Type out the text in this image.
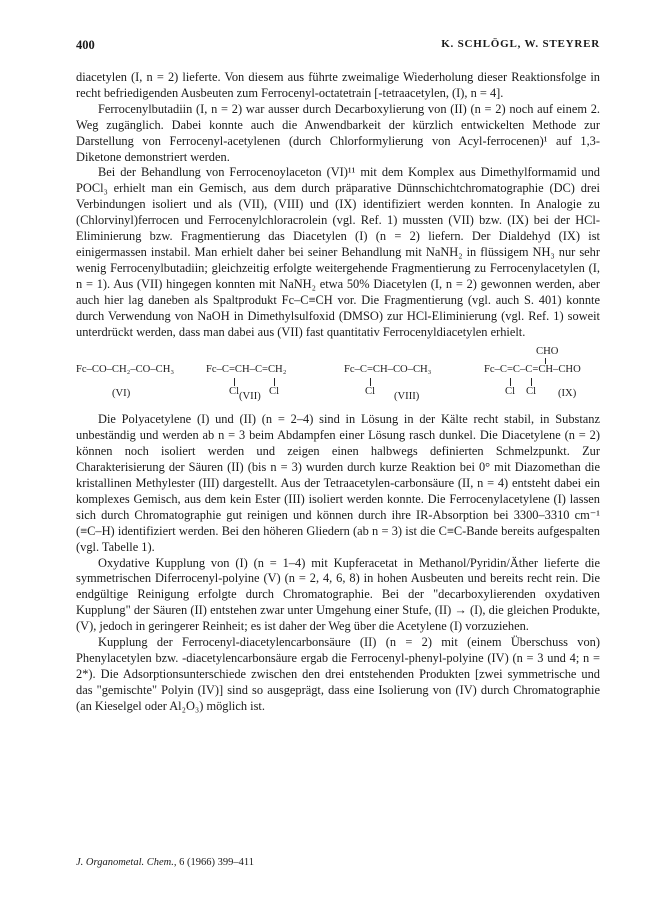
400	K. SCHLÖGL, W. STEYRER

diacetylen (I, n = 2) lieferte. Von diesem aus führte zweimalige Wiederholung dieser Reaktionsfolge in recht befriedigenden Ausbeuten zum Ferrocenyl-octatetrain [-tetraacetylen, (I), n = 4].

Ferrocenylbutadiin (I, n = 2) war ausser durch Decarboxylierung von (II) (n = 2) noch auf einem 2. Weg zugänglich. Dabei konnte auch die Anwendbarkeit der kürzlich entwickelten Methode zur Darstellung von Ferrocenyl-acetylenen (durch Chlorformylierung von Acyl-ferrocenen)¹ auf 1,3-Diketone demonstriert werden.

Bei der Behandlung von Ferrocenoylaceton (VI)¹¹ mit dem Komplex aus Dimethylformamid und POCl₃ erhielt man ein Gemisch, aus dem durch präparative Dünnschichtchromatographie (DC) drei Verbindungen isoliert und als (VII), (VIII) und (IX) identifiziert werden konnten. In Analogie zu (Chlorvinyl)ferrocen und Ferrocenylchloracrolein (vgl. Ref. 1) mussten (VII) bzw. (IX) bei der HCl-Eliminierung bzw. Fragmentierung das Diacetylen (I) (n = 2) liefern. Der Dialdehyd (IX) ist einigermassen instabil. Man erhielt daher bei seiner Behandlung mit NaNH₂ in flüssigem NH₃ nur sehr wenig Ferrocenylbutadiin; gleichzeitig erfolgte weitergehende Fragmentierung zu Ferrocenylacetylen (I, n = 1). Aus (VII) hingegen konnten mit NaNH₂ etwa 50% Diacetylen (I, n = 2) gewonnen werden, aber auch hier lag daneben als Spaltprodukt Fc–C≡CH vor. Die Fragmentierung (vgl. auch S. 401) konnte durch Verwendung von NaOH in Dimethylsulfoxid (DMSO) zur HCl-Eliminierung (vgl. Ref. 1) soweit unterdrückt werden, dass man dabei aus (VII) fast quantitativ Ferrocenyldiacetylen erhielt.

Fc–CO–CH₂–CO–CH₃
(VI)
Fc–C=CH–C=CH₂
Cl	Cl
(VII)
Fc–C=CH–CO–CH₃
Cl (VIII)
CHO
Fc–C=C–C=CH–CHO
Cl Cl (IX)

Die Polyacetylene (I) und (II) (n = 2–4) sind in Lösung in der Kälte recht stabil, in Substanz unbeständig und werden ab n = 3 beim Abdampfen einer Lösung rasch dunkel. Die Diacetylene (n = 2) können noch isoliert werden und zeigen einen halbwegs definierten Schmelzpunkt. Zur Charakterisierung der Säuren (II) (bis n = 3) wurden durch kurze Reaktion bei 0° mit Diazomethan die kristallinen Methylester (III) dargestellt. Aus der Tetraacetylen-carbonsäure (II, n = 4) entsteht dabei ein komplexes Gemisch, aus dem kein Ester (III) isoliert werden konnte. Die Ferrocenylacetylene (I) lassen sich durch Chromatographie gut reinigen und können durch ihre IR-Absorption bei 3300–3310 cm⁻¹ (≡C–H) identifiziert werden. Bei den höheren Gliedern (ab n = 3) ist die C≡C-Bande bereits aufgespalten (vgl. Tabelle 1).

Oxydative Kupplung von (I) (n = 1–4) mit Kupferacetat in Methanol/Pyridin/Äther lieferte die symmetrischen Diferrocenyl-polyine (V) (n = 2, 4, 6, 8) in hohen Ausbeuten und bereits recht rein. Die endgültige Reinigung erfolgte durch Chromatographie. Bei der "decarboxylierenden oxydativen Kupplung" der Säuren (II) entstehen zwar unter Umgehung einer Stufe, (II) → (I), die gleichen Produkte, (V), jedoch in geringerer Reinheit; es ist daher der Weg über die Acetylene (I) vorzuziehen.

Kupplung der Ferrocenyl-diacetylencarbonsäure (II) (n = 2) mit (einem Überschuss von) Phenylacetylen bzw. -diacetylencarbonsäure ergab die Ferrocenyl-phenyl-polyine (IV) (n = 3 und 4; n = 2*). Die Adsorptionsunterschiede zwischen den drei entstehenden Produkten [zwei symmetrische und das "gemischte" Polyin (IV)] sind so ausgeprägt, dass eine Isolierung von (IV) durch Chromatographie (an Kieselgel oder Al₂O₃) möglich ist.

J. Organometal. Chem., 6 (1966) 399–411
